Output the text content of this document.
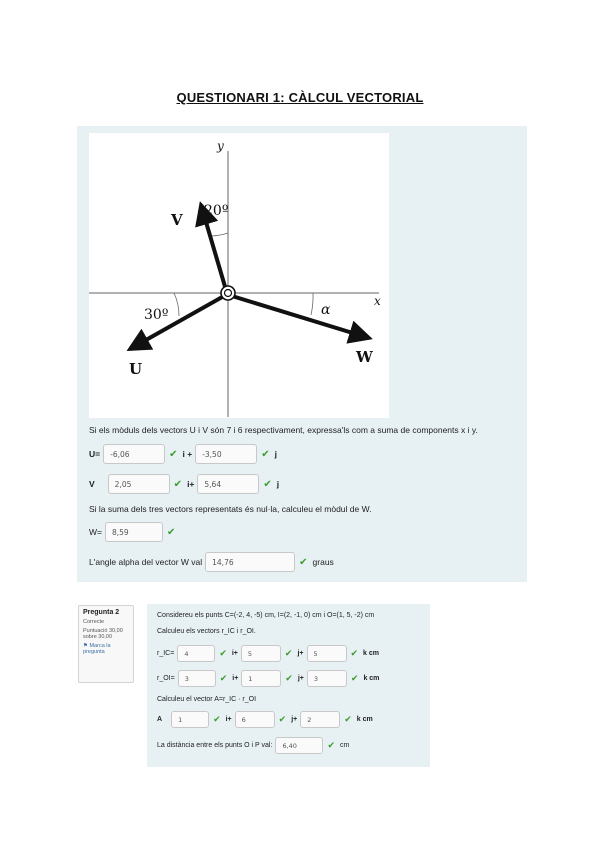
QUESTIONARI 1: CÀLCUL VECTORIAL
y
x
V
U
W
20º
30º	α
Si els mòduls dels vectors U i V són 7 i 6 respectivament, expressa'ls com a suma de components x i y.
U=	-6,06	✔ i +	-3,50	✔ j
V	2,05	✔ i+	5,64	✔ j
Si la suma dels tres vectors representats és nul·la, calculeu el mòdul de W.
W=	8,59	✔
L'angle alpha del vector W val	14,76	✔ graus
Pregunta 2
Correcte
Puntuació 30,00 sobre 30,00
⚑ Marca la pregunta
Considereu els punts C=(-2, 4, -5) cm, I=(2, -1, 0) cm i O=(1, 5, -2) cm
Calculeu els vectors r_IC i r_OI.
r_IC=	4	✔ i+	5	✔ j+	5	✔ k cm
r_OI=	3	✔ i+	1	✔ j+	3	✔ k cm
Calculeu el vector A=r_IC · r_OI
A	1	✔ i+	6	✔ j+	2	✔ k cm
La distància entre els punts O i P val:	6,40	✔ cm
